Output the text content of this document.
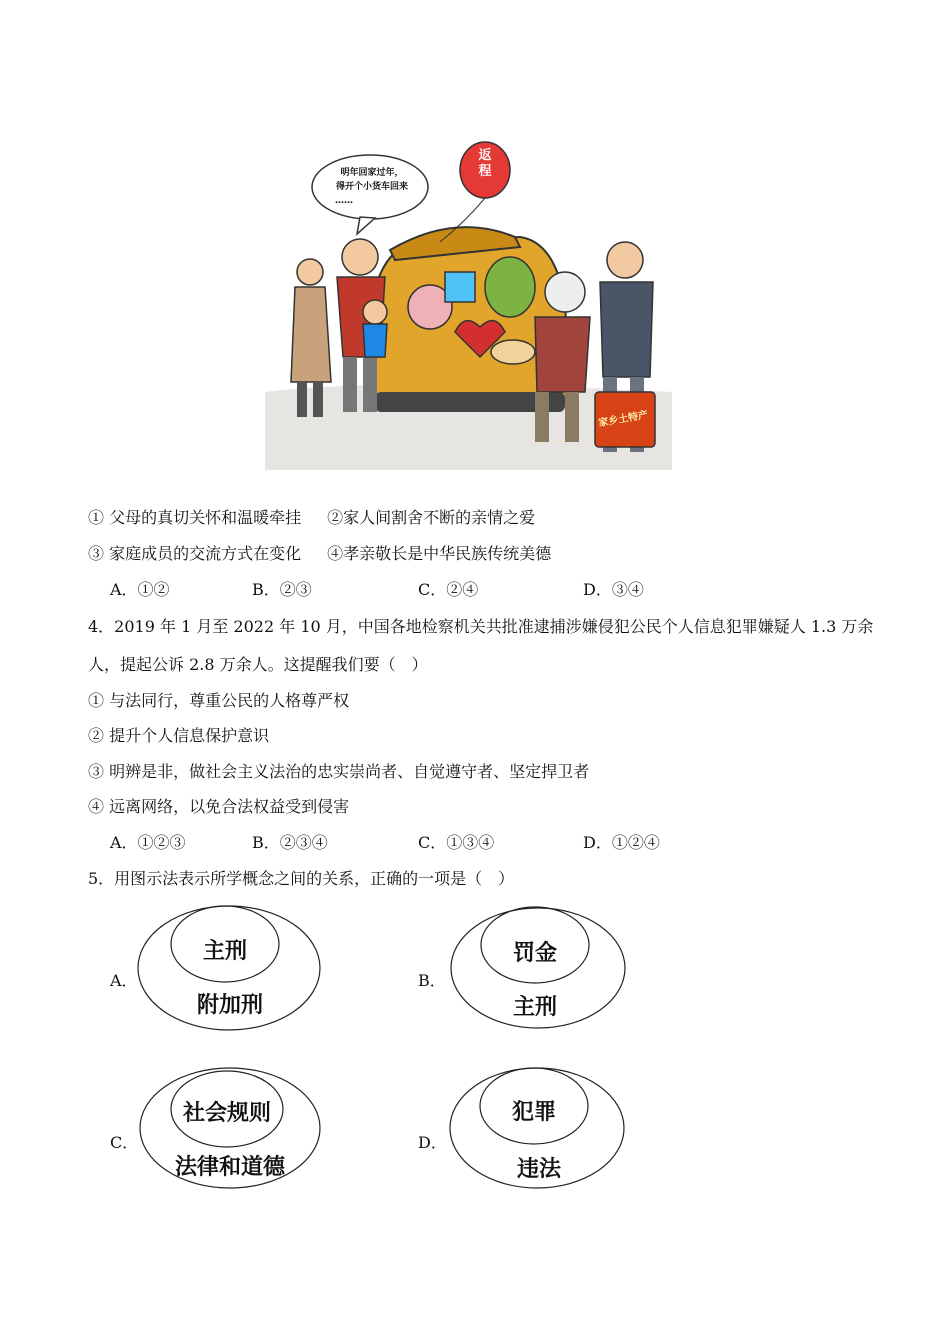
明年回家过年，
得开个小货车回来
……
返
程
家乡土特产
① 父母的真切关怀和温暖牵挂 ②家人间割舍不断的亲情之爱
③ 家庭成员的交流方式在变化 ④孝亲敬长是中华民族传统美德
A．①②	B．②③	C．②④	D．③④
4．2019 年 1 月至 2022 年 10 月，中国各地检察机关共批准逮捕涉嫌侵犯公民个人信息犯罪嫌疑人 1.3 万余
人，提起公诉 2.8 万余人。这提醒我们要（　）
① 与法同行，尊重公民的人格尊严权
② 提升个人信息保护意识
③ 明辨是非，做社会主义法治的忠实崇尚者、自觉遵守者、坚定捍卫者
④ 远离网络，以免合法权益受到侵害
A．①②③	B．②③④	C．①③④	D．①②④
5．用图示法表示所学概念之间的关系，正确的一项是（　）
A．
主刑
附加刑
B．
罚金
主刑
C．
社会规则
法律和道德
D．
犯罪
违法
